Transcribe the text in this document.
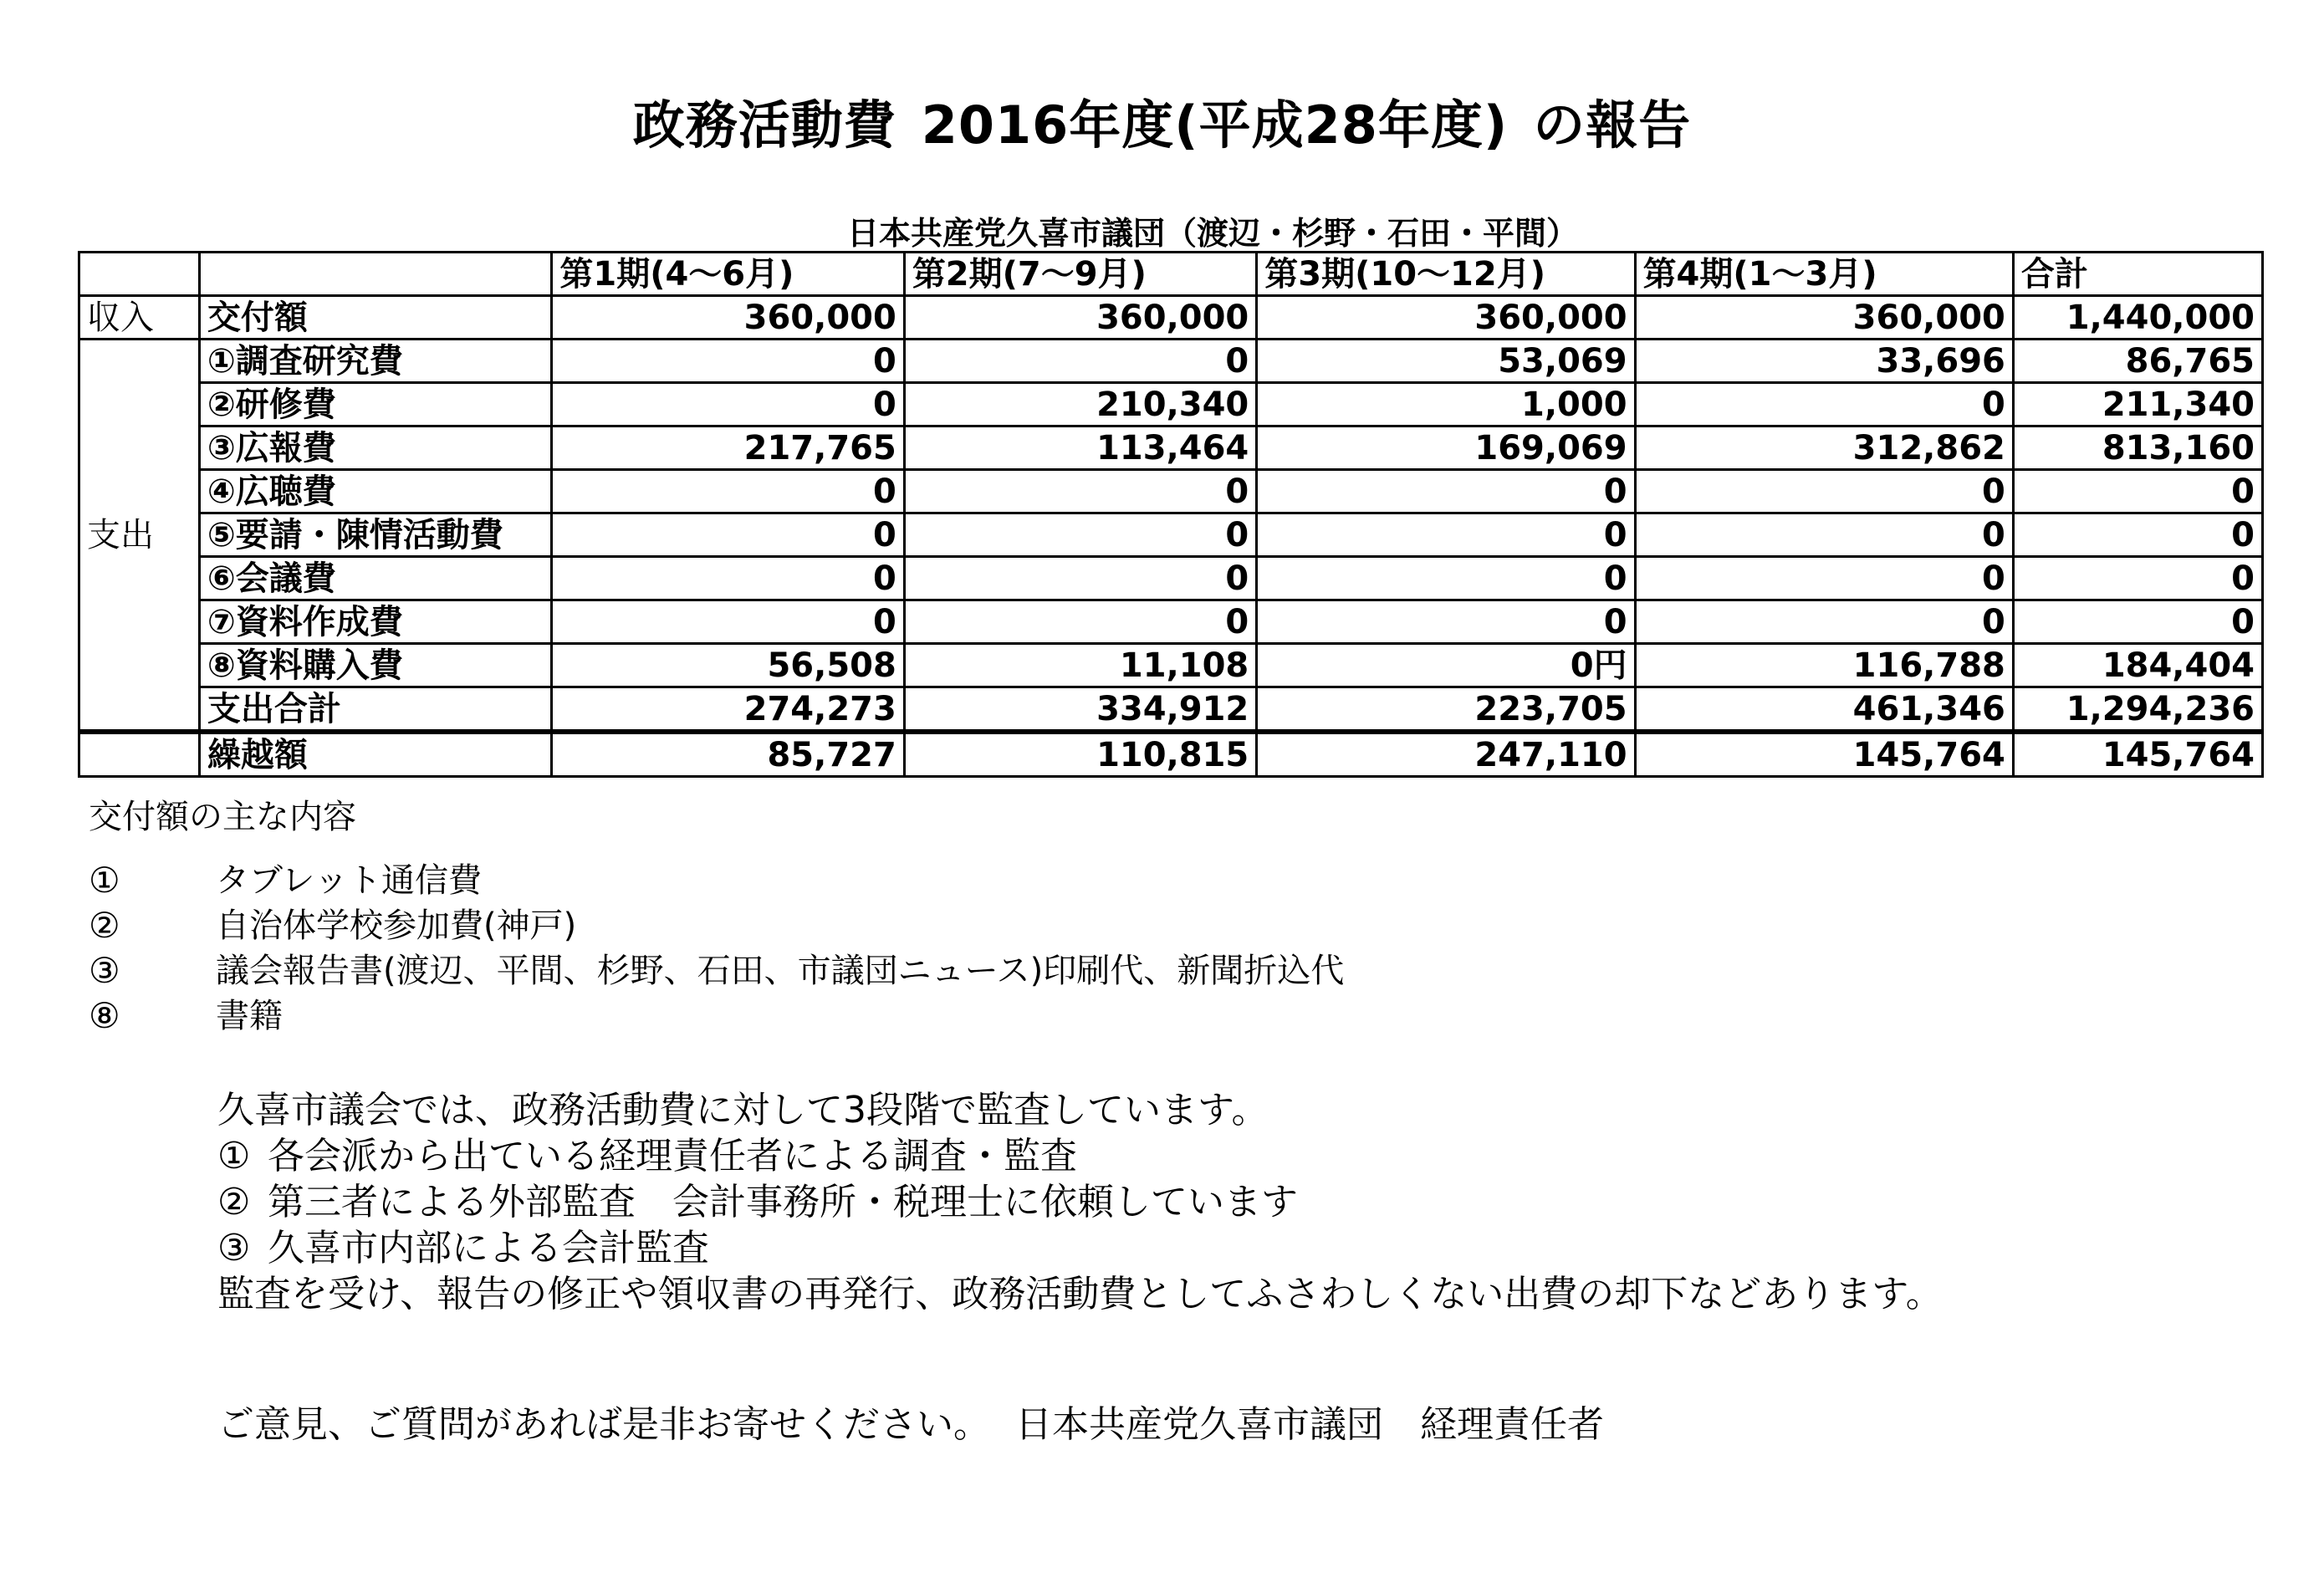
政務活動費 2016年度(平成28年度) の報告

日本共産党久喜市議団（渡辺・杉野・石田・平間）

		第1期(4～6月)	第2期(7～9月)	第3期(10～12月)	第4期(1～3月)	合計
収入	交付額	360,000	360,000	360,000	360,000	1,440,000
支出	①調査研究費	0	0	53,069	33,696	86,765
	②研修費	0	210,340	1,000	0	211,340
	③広報費	217,765	113,464	169,069	312,862	813,160
	④広聴費	0	0	0	0	0
	⑤要請・陳情活動費	0	0	0	0	0
	⑥会議費	0	0	0	0	0
	⑦資料作成費	0	0	0	0	0
	⑧資料購入費	56,508	11,108	0円	116,788	184,404
	支出合計	274,273	334,912	223,705	461,346	1,294,236
	繰越額	85,727	110,815	247,110	145,764	145,764

交付額の主な内容

①	タブレット通信費
②	自治体学校参加費(神戸)
③	議会報告書(渡辺、平間、杉野、石田、市議団ニュース)印刷代、新聞折込代
⑧	書籍

久喜市議会では、政務活動費に対して3段階で監査しています。

① 各会派から出ている経理責任者による調査・監査

② 第三者による外部監査　会計事務所・税理士に依頼しています

③ 久喜市内部による会計監査

監査を受け、報告の修正や領収書の再発行、政務活動費としてふさわしくない出費の却下などあります。

ご意見、ご質問があれば是非お寄せください。 日本共産党久喜市議団　経理責任者
